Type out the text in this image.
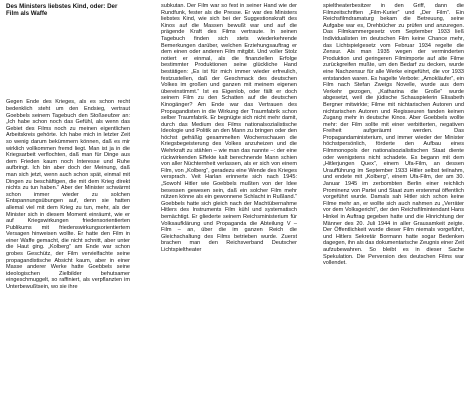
Des Ministers liebstes Kind, oder: Der Film als Waffe

Gegen Ende des Krieges, als es schon recht bedenklich steht um den Endsieg, vertraut Goebbels seinem Tagebuch den Stoßseufzer an: „Ich habe schon noch das Gefühl, als wenn das Gebiet des Films noch zu meinen eigentlichen Arbeitskreis gehörte. Ich habe mich in letzter Zeit so wenig darum bekümmern können, daß es mir wirklich vollkommen fremd liegt. Man ist ja in die Kriegsarbeit verflochten, daß man für Dinge aus dem Frieden kaum noch Interesse und Ruhe aufbringt. Ich bin aber doch der Meinung, daß man sich jetzt, wenn auch schon spät, einmal mit Dingen zu beschäftigen, die mit dem Krieg direkt nichts zu tun haben.“ Aber der Minister schwärmt schon immer wieder zu solchen Entspannungsübungen auf, denn sie hatten allemal viel mit dem Krieg zu tun, mehr, als der Minister sich in diesem Moment einräumt, wie er auf Kriegswirkungen friedensorientierten Publikums mit friedenswirkungsorientiertem Versagen hinweisen wollte. Er hatte den Film in einer Waffe gemacht, die nicht schnitt, aber unter die Haut ging. „Kolberg“ am Ende war schon grobes Geschütz, der Film vervielfachte seine propagandistische Absicht kaum, aber in einer Masse anderer Werke hatte Goebbels seine ideologischen Zielbilder behutsamer eingeschmuggelt, so raffiniert, als verpflanzten im Unterbewußtsein, wo sie ihre

subkutan. Der Film war so fest in seiner Hand wie der Rundfunk, fester als die Presse. Er war des Ministers liebstes Kind, wie sich bei der Suggestionskraft des Kinos auf die Massen bewußt war und auf die prägende Kraft des Films vertraute. In seinen Tagebuch finden sich stets wiederkehrende Bemerkungen darüber, welchen Erziehungsauftrag er dem einen oder anderen Film mitgibt. Und voller Stolz notiert er einmal, als die finanziellen Erfolge bestimmter Produktionen seine glückliche Hand bestätigen: „Es ist für mich immer wieder erfreulich, festzustellen, daß der Geschmack des deutschen Volkes im großen und ganzen mit meinem eigenen übereinstimmt.“ Ist es Eigenlob, oder fällt er doch seinem Film zu den Schatten auf die deutschen Kinogänger? Am Ende war das Vertrauen des Propagandisten in die Wirkung der Traumfabrik schon selber Traumfabrik. Er begnügte sich nicht mehr damit, durch das Medium des Films nationalsozialistische Ideologie und Politik an den Mann zu bringen oder den höchst gefräßig gesammelten Wochenschauen die Kriegsbegeisterung des Volkes anzuheizen und die Wehrkraft zu stählen – wie man das nannte –: der eine rückwirkenden Effekte kalt berechnende Mann schien von aller Nüchternheit verlassen, als er sich von einem Film, von „Kolberg“, geradezu eine Wende des Krieges versprach. Veit Harlan erinnerte sich nach 1945: „Sowohl Hitler wie Goebbels mußten von der Idee besessen gewesen sein, daß ein solcher Film mehr nützen könne als ein gewonnene Schlacht in Rußland.“ Goebbels hatte sich gleich nach der Machtübernahme Hitlers des Instruments Film kühl und systematisch bemächtigt. Er gliederte seinem Reichsministerium für Volksaufklärung und Propaganda die Abteilung V – Film – an, über die im ganzen Reich die Gleichschaltung des Films betrieben wurde. Zuerst brachen man den Reichsverband Deutscher Lichtspieltheater

spieltheaterbesitzer in den Griff, dann die Filmzeitschriften „Film-Kurier“ und „Der Film“. Ein Reichsfilmdramaturg bekam die Betreuung, seine Aufgabe war es, Drehbücher zu prüfen und anzuregen. Das Filmkammergesetz vom September 1933 ließ Individualisten im deutschen Film keine Chance mehr, das Lichtspielgesetz vom Februar 1934 regelte die Zensur. Als man 1935 wegen der verminderten Produktion und geringeren Filmimporte auf alte Filme zurückgreifen mußte, um den Bedarf zu decken, wurde eine Nachzensur für alle Werke eingeführt, die vor 1933 entstanden waren. Es hagelte Verbote: „Amokläufer“, ein Film nach Stefan Zweigs Novelle, wurde aus dem Verkehr gezogen, „Katharina die Große“ wurde abgesetzt, weil die jüdische Schauspielerin Elisabeth Bergner mitwirkte; Filme mit nichtarischen Autoren und nichtarischen Autoren und Regisseuren fanden keinen Zugang mehr in deutsche Kinos. Aber Goebbels wollte mehr: der Film sollte mit einer verbitterten, negativen Freiheit aufgeräumt werden. Das Propagandaministerium, und immer wieder der Minister höchstpersönlich, förderte den Aufbau eines Filmmonopols der nationalsozialistischen Staat diente oder wenigstens nicht schadete. Es begann mit dem „Hitlerjungen Quex“, einem Ufa-Film, an dessen Uraufführung im September 1933 Hitler selbst teilnahm, und endete mit „Kolberg“, einem Ufa-Film, der am 30. Januar 1945 im zerbombten Berlin einer reichlich Prominenz von Partei und Staat zum erstenmal öffentlich vorgeführt wurde. Damals sah Hitler sich schon keine Filme mehr an, er wollte sich auch nahmen zu „Verräter vor dem Volksgericht“, der den Reichsfilmintendant Hans Hinkel in Auftrag gegeben hatte und die Hinrichtung der Männer des 20. Juli 1944 in aller Grausamkeit zeigte. Der Öffentlichkeit wurde dieser Film niemals vorgeführt, und Hitlers Sekretär Bormann hatte sogar Bedenken dagegen, ihn als das dokumentarische Zeugnis einer Zeit aufzubewahren. So bleibt es in dieser Sache Spekulation. Die Perversion des deutschen Films war vollendet.
